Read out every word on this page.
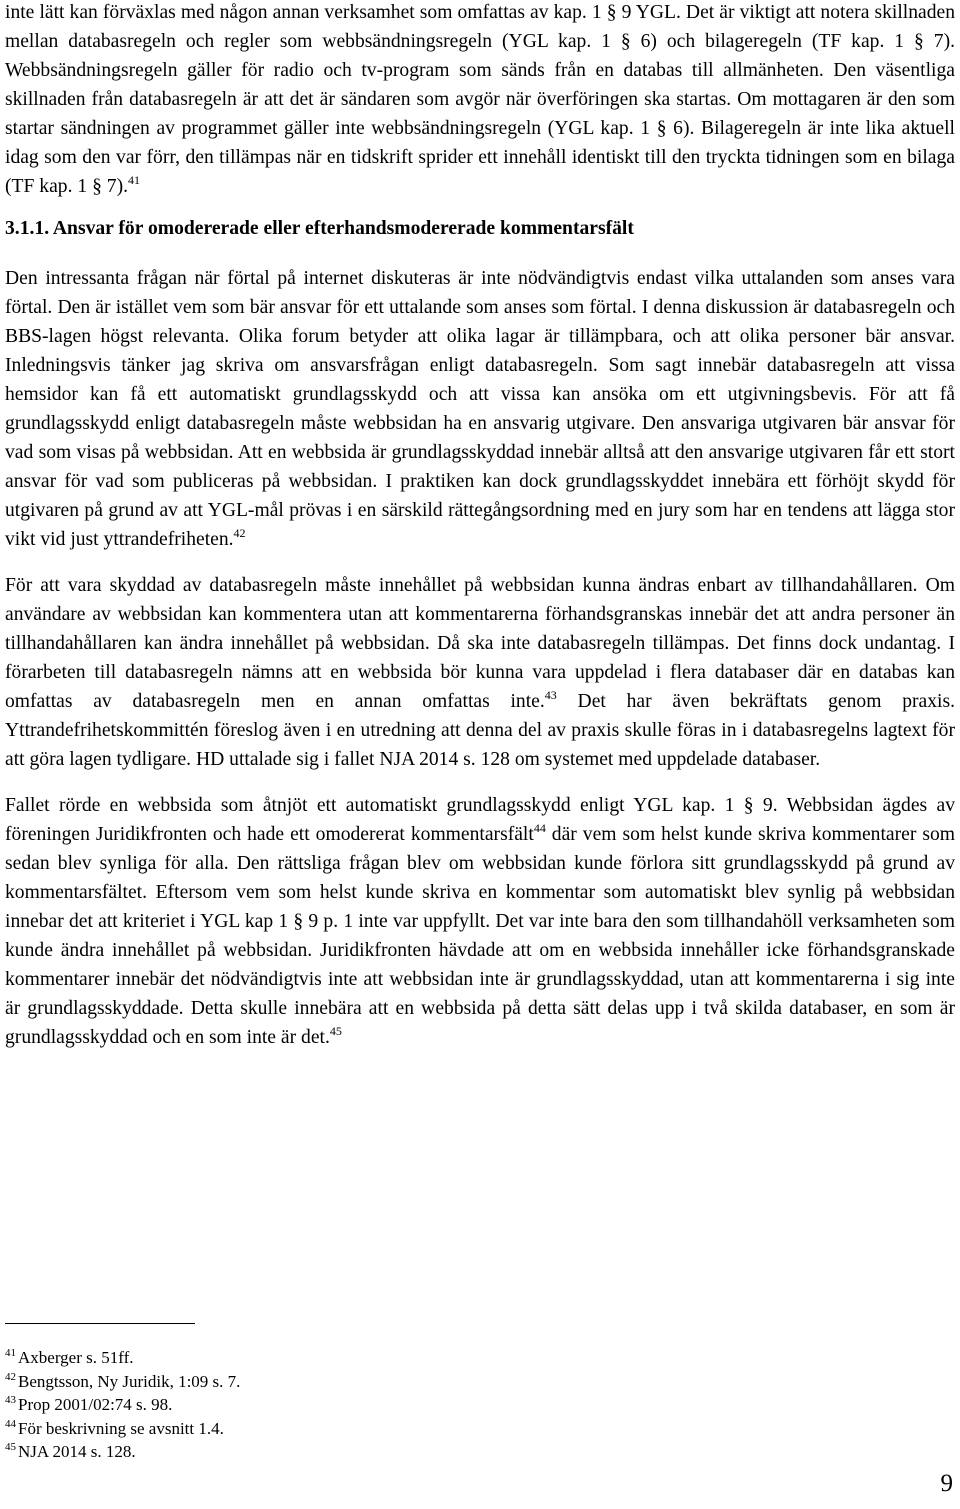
inte lätt kan förväxlas med någon annan verksamhet som omfattas av kap. 1 § 9 YGL. Det är viktigt att notera skillnaden mellan databasregeln och regler som webbsändningsregeln (YGL kap. 1 § 6) och bilageregeln (TF kap. 1 § 7). Webbsändningsregeln gäller för radio och tv-program som sänds från en databas till allmänheten. Den väsentliga skillnaden från databasregeln är att det är sändaren som avgör när överföringen ska startas. Om mottagaren är den som startar sändningen av programmet gäller inte webbsändningsregeln (YGL kap. 1 § 6). Bilageregeln är inte lika aktuell idag som den var förr, den tillämpas när en tidskrift sprider ett innehåll identiskt till den tryckta tidningen som en bilaga (TF kap. 1 § 7).$^{41}$

3.1.1. Ansvar för omodererade eller efterhandsmodererade kommentarsfält

Den intressanta frågan när förtal på internet diskuteras är inte nödvändigtvis endast vilka uttalanden som anses vara förtal. Den är istället vem som bär ansvar för ett uttalande som anses som förtal. I denna diskussion är databasregeln och BBS-lagen högst relevanta. Olika forum betyder att olika lagar är tillämpbara, och att olika personer bär ansvar. Inledningsvis tänker jag skriva om ansvarsfrågan enligt databasregeln. Som sagt innebär databasregeln att vissa hemsidor kan få ett automatiskt grundlagsskydd och att vissa kan ansöka om ett utgivningsbevis. För att få grundlagsskydd enligt databasregeln måste webbsidan ha en ansvarig utgivare. Den ansvariga utgivaren bär ansvar för vad som visas på webbsidan. Att en webbsida är grundlagsskyddad innebär alltså att den ansvarige utgivaren får ett stort ansvar för vad som publiceras på webbsidan. I praktiken kan dock grundlagsskyddet innebära ett förhöjt skydd för utgivaren på grund av att YGL-mål prövas i en särskild rättegångsordning med en jury som har en tendens att lägga stor vikt vid just yttrandefriheten.$^{42}$

För att vara skyddad av databasregeln måste innehållet på webbsidan kunna ändras enbart av tillhandahållaren. Om användare av webbsidan kan kommentera utan att kommentarerna förhandsgranskas innebär det att andra personer än tillhandahållaren kan ändra innehållet på webbsidan. Då ska inte databasregeln tillämpas. Det finns dock undantag. I förarbeten till databasregeln nämns att en webbsida bör kunna vara uppdelad i flera databaser där en databas kan omfattas av databasregeln men en annan omfattas inte.$^{43}$ Det har även bekräftats genom praxis. Yttrandefrihetskommittén föreslog även i en utredning att denna del av praxis skulle föras in i databasregelns lagtext för att göra lagen tydligare. HD uttalade sig i fallet NJA 2014 s. 128 om systemet med uppdelade databaser.

Fallet rörde en webbsida som åtnjöt ett automatiskt grundlagsskydd enligt YGL kap. 1 § 9. Webbsidan ägdes av föreningen Juridikfronten och hade ett omodererat kommentarsfält$^{44}$ där vem som helst kunde skriva kommentarer som sedan blev synliga för alla. Den rättsliga frågan blev om webbsidan kunde förlora sitt grundlagsskydd på grund av kommentarsfältet. Eftersom vem som helst kunde skriva en kommentar som automatiskt blev synlig på webbsidan innebar det att kriteriet i YGL kap 1 § 9 p. 1 inte var uppfyllt. Det var inte bara den som tillhandahöll verksamheten som kunde ändra innehållet på webbsidan. Juridikfronten hävdade att om en webbsida innehåller icke förhandsgranskade kommentarer innebär det nödvändigtvis inte att webbsidan inte är grundlagsskyddad, utan att kommentarerna i sig inte är grundlagsskyddade. Detta skulle innebära att en webbsida på detta sätt delas upp i två skilda databaser, en som är grundlagsskyddad och en som inte är det.$^{45}$

$^{41}$ Axberger s. 51ff.
$^{42}$ Bengtsson, Ny Juridik, 1:09 s. 7.
$^{43}$ Prop 2001/02:74 s. 98.
$^{44}$ För beskrivning se avsnitt 1.4.
$^{45}$ NJA 2014 s. 128.
9
